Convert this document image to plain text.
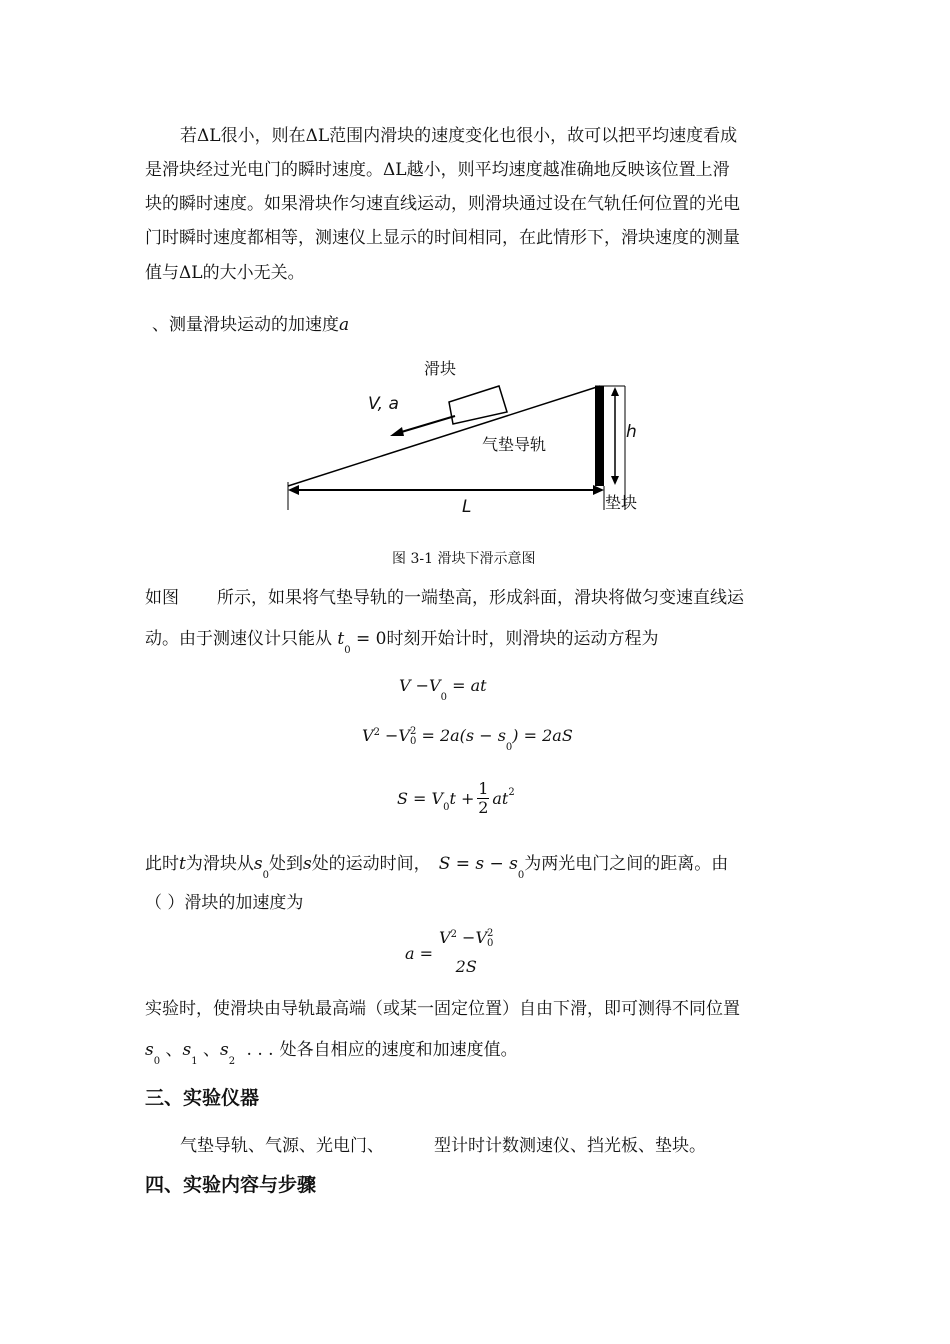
若ΔL很小，则在ΔL范围内滑块的速度变化也很小，故可以把平均速度看成
是滑块经过光电门的瞬时速度。ΔL越小，则平均速度越准确地反映该位置上滑
块的瞬时速度。如果滑块作匀速直线运动，则滑块通过设在气轨任何位置的光电
门时瞬时速度都相等，测速仪上显示的时间相同，在此情形下，滑块速度的测量
值与ΔL的大小无关。
、测量滑块运动的加速度a
滑块
V, a
气垫导轨
h
L	垫块
图 3-1 滑块下滑示意图
如图 所示，如果将气垫导轨的一端垫高，形成斜面，滑块将做匀变速直线运
动。由于测速仪计只能从 $t_0 = 0$时刻开始计时，则滑块的运动方程为
$V -V_0$ = at
$V^2 -V$ 2
$0 = 2a(s - s_0) = 2aS$
S = V 0 t +
1
2 at 2
此时t为滑块从$s_0$处到s处的运动时间， $S = s - s_0$为两光电门之间的距离。由
（ ）滑块的加速度为
a =
$V^2 -V$ 2
0
2S
实验时，使滑块由导轨最高端（或某一固定位置）自由下滑，即可测得不同位置
$s_0$ 、$s_1$ 、$s_2$ . . . 处各自相应的速度和加速度值。
三、实验仪器
气垫导轨、气源、光电门、	型计时计数测速仪、挡光板、垫块。
四、实验内容与步骤
